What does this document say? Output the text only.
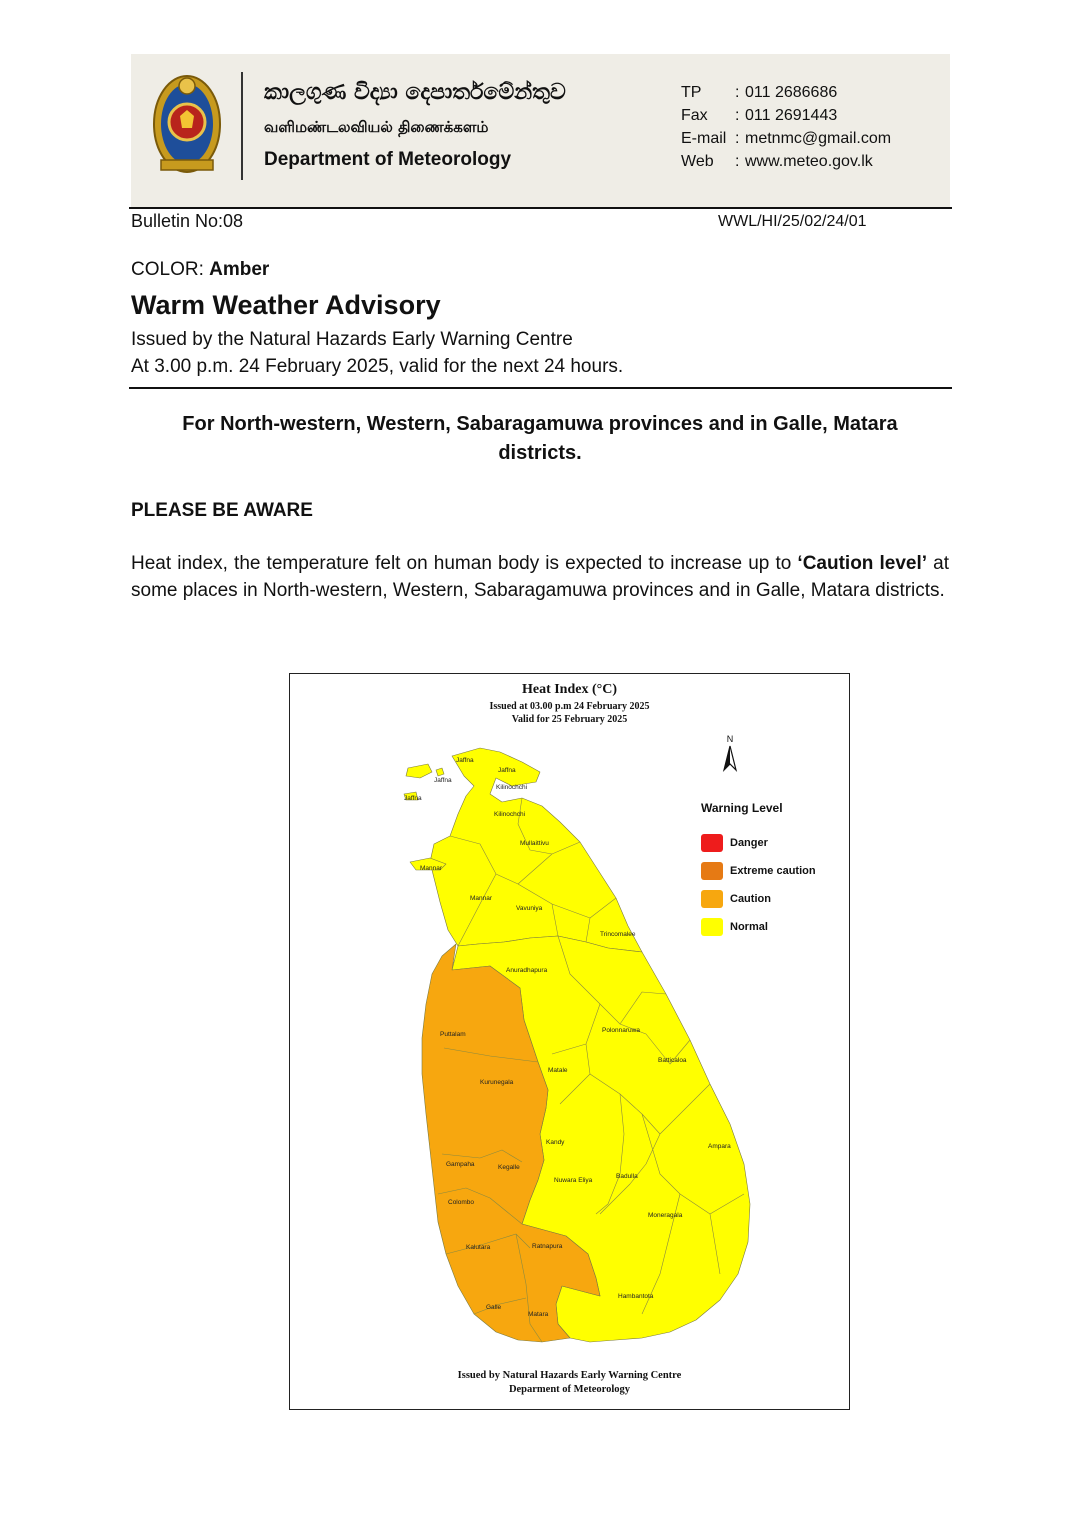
කාලගුණ විද්‍යා දෙපාර්තමේන්තුව
வளிமண்டலவியல் திணைக்களம்
Department of Meteorology
TP : 011 2686686
Fax : 011 2691443
E-mail : metnmc@gmail.com
Web : www.meteo.gov.lk
Bulletin No:08	WWL/HI/25/02/24/01
COLOR: Amber
Warm Weather Advisory
Issued by the Natural Hazards Early Warning Centre
At 3.00 p.m. 24 February 2025, valid for the next 24 hours.
For North-western, Western, Sabaragamuwa provinces and in Galle, Matara districts.
PLEASE BE AWARE
Heat index, the temperature felt on human body is expected to increase up to ‘Caution level’ at some places in North-western, Western, Sabaragamuwa provinces and in Galle, Matara districts.
Jaffna
Jaffna
Jaffna
Jaffna
Kilinochchi
Kilinochchi
Mullaittivu
Mannar
Mannar
Vavuniya
Trincomalee
Anuradhapura
Puttalam
Polonnaruwa
Batticaloa
Kurunegala
Matale
Kandy
Ampara
Gampaha	Kegalle
Nuwara Eliya
Badulla
Colombo
Moneragala
Kalutara	Ratnapura
Hambantota
Galle
Matara
Heat Index (°C)
Issued at 03.00 p.m 24 February 2025
Valid for 25 February 2025
N
Warning Level
Danger
Extreme caution
Caution
Normal
Issued by Natural Hazards Early Warning Centre
Deparment of Meteorology
